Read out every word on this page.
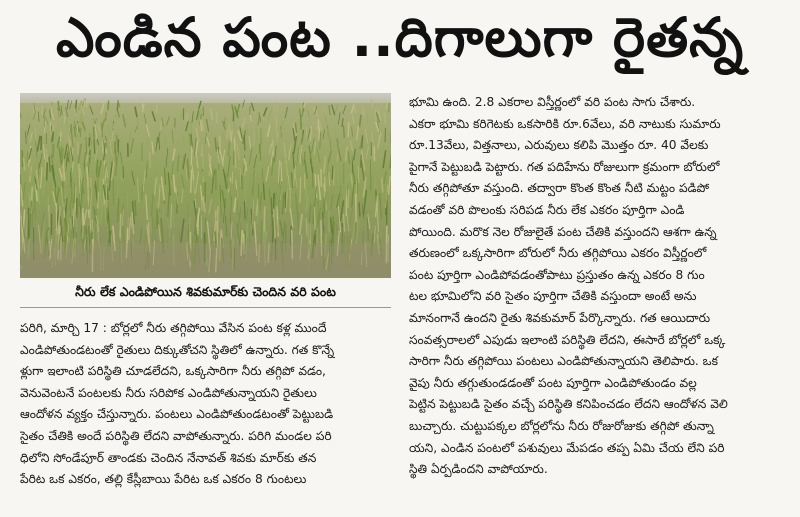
ఎండిన పంట ..దిగాలుగా రైతన్న
నీరు లేక ఎండిపోయిన శివకుమార్‌కు చెందిన వరి పంట
పరిగి, మార్చి 17 : బోర్లలో నీరు తగ్గిపోయి వేసిన పంట కళ్ల ముందే
ఎండిపోతుండటంతో రైతులు దిక్కుతోచని స్థితిలో ఉన్నారు. గత కొన్నే
ళ్లుగా ఇలాంటి పరిస్థితి చూడలేదని, ఒక్కసారిగా నీరు తగ్గిపో వడం,
వెనువెంటనే పంటలకు నీరు సరిపోక ఎండిపోతున్నాయని రైతులు
ఆందోళన వ్యక్తం చేస్తున్నారు. పంటలు ఎండిపోతుండటంతో పెట్టుబడి
సైతం చేతికి అందే పరిస్థితి లేదని వాపోతున్నారు. పరిగి మండల పరి
ధిలోని సోండేపూర్ తాండకు చెందిన నేనావత్ శివకు మార్‌కు తన
పేరిట ఒక ఎకరం, తల్లి కేస్లీబాయి పేరిట ఒక ఎకరం 8 గుంటలు
భూమి ఉంది. 2.8 ఎకరాల విస్తీర్ణంలో వరి పంట సాగు చేశారు.
ఎకరా భూమి కరిగెటకు ఒకసారికి రూ.6వేలు, వరి నాటుకు సుమారు
రూ.13వేలు, విత్తనాలు, ఎరువులు కలిపి మొత్తం రూ. 40 వేలకు
పైగానే పెట్టుబడి పెట్టారు. గత పదిహేను రోజులుగా క్రమంగా బోరులో
నీరు తగ్గిపోతూ వస్తుంది. తద్వారా కొంత కొంత నీటి మట్టం పడిపో
వడంతో వరి పొలంకు సరిపడ నీరు లేక ఎకరం పూర్తిగా ఎండి
పోయింది. మరొక నెల రోజులైతే పంట చేతికి వస్తుందని ఆశగా ఉన్న
తరుణంలో ఒక్కసారిగా బోరులో నీరు తగ్గిపోయి ఎకరం విస్తీర్ణంలో
పంట పూర్తిగా ఎండిపోవడంతోపాటు ప్రస్తుతం ఉన్న ఎకరం 8 గుం
టల భూమిలోని వరి సైతం పూర్తిగా చేతికి వస్తుందా అంటే అను
మానంగానే ఉందని రైతు శివకుమార్ పేర్కొన్నారు. గత ఆయిదారు
సంవత్సరాలలో ఎపుడు ఇలాంటి పరిస్థితి లేదని, ఈసారే బోర్లలో ఒక్క
సారిగా నీరు తగ్గిపోయి పంటలు ఎండిపోతున్నాయని తెలిపారు. ఒక
వైపు నీరు తగ్గుతుండడంతో పంట పూర్తిగా ఎండిపోతుండం వల్ల
పెట్టిన పెట్టుబడి సైతం వచ్చే పరిస్థితి కనిపించడం లేదని ఆందోళన వెలి
బుచ్చారు. చుట్టుపక్కల బోర్లలోను నీరు రోజురోజుకు తగ్గిపో తున్నా
యని, ఎండిన పంటలో పశువులు మేపడం తప్ప ఏమి చేయ లేని పరి
స్థితి ఏర్పడిందని వాపోయారు.
